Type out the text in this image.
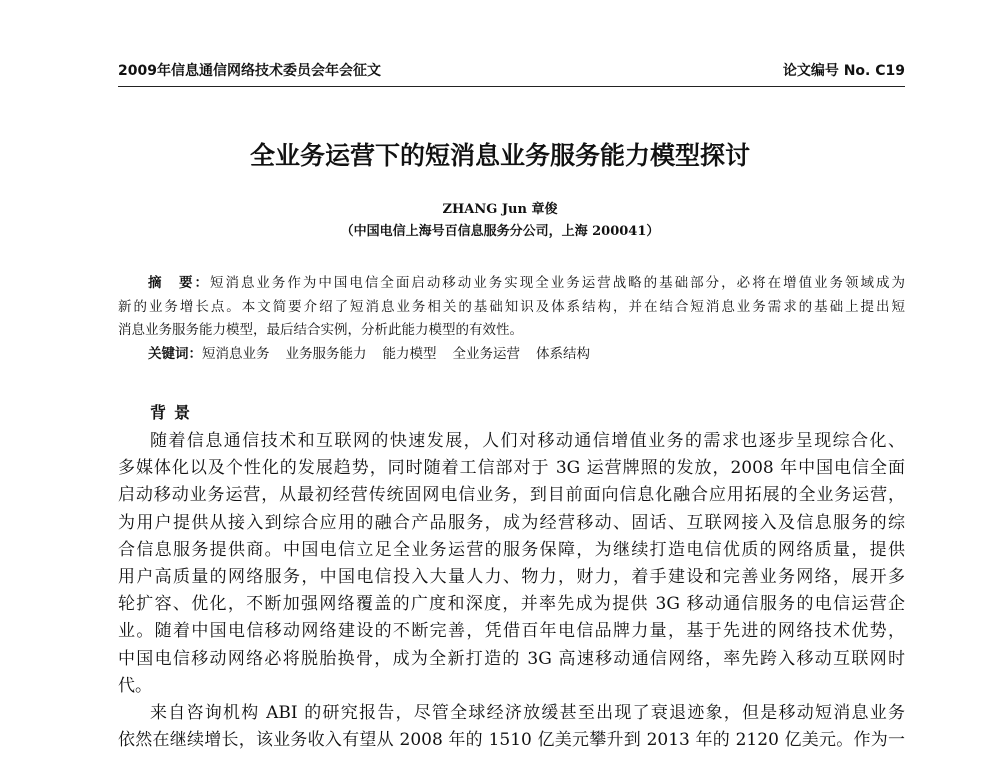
2009年信息通信网络技术委员会年会征文	论文编号 No. C19
全业务运营下的短消息业务服务能力模型探讨
ZHANG Jun 章俊
（中国电信上海号百信息服务分公司，上海 200041）
摘　要：短消息业务作为中国电信全面启动移动业务实现全业务运营战略的基础部分，必将在增值业务领域成为
新的业务增长点。本文简要介绍了短消息业务相关的基础知识及体系结构，并在结合短消息业务需求的基础上提出短
消息业务服务能力模型，最后结合实例，分析此能力模型的有效性。
关键词：短消息业务 业务服务能力 能力模型 全业务运营 体系结构
背景
随着信息通信技术和互联网的快速发展，人们对移动通信增值业务的需求也逐步呈现综合化、
多媒体化以及个性化的发展趋势，同时随着工信部对于 3G 运营牌照的发放，2008 年中国电信全面
启动移动业务运营，从最初经营传统固网电信业务，到目前面向信息化融合应用拓展的全业务运营，
为用户提供从接入到综合应用的融合产品服务，成为经营移动、固话、互联网接入及信息服务的综
合信息服务提供商。中国电信立足全业务运营的服务保障，为继续打造电信优质的网络质量，提供
用户高质量的网络服务，中国电信投入大量人力、物力，财力，着手建设和完善业务网络，展开多
轮扩容、优化，不断加强网络覆盖的广度和深度，并率先成为提供 3G 移动通信服务的电信运营企
业。随着中国电信移动网络建设的不断完善，凭借百年电信品牌力量，基于先进的网络技术优势，
中国电信移动网络必将脱胎换骨，成为全新打造的 3G 高速移动通信网络，率先跨入移动互联网时
代。
来自咨询机构 ABI 的研究报告，尽管全球经济放缓甚至出现了衰退迹象，但是移动短消息业务
依然在继续增长，该业务收入有望从 2008 年的 1510 亿美元攀升到 2013 年的 2120 亿美元。作为一
